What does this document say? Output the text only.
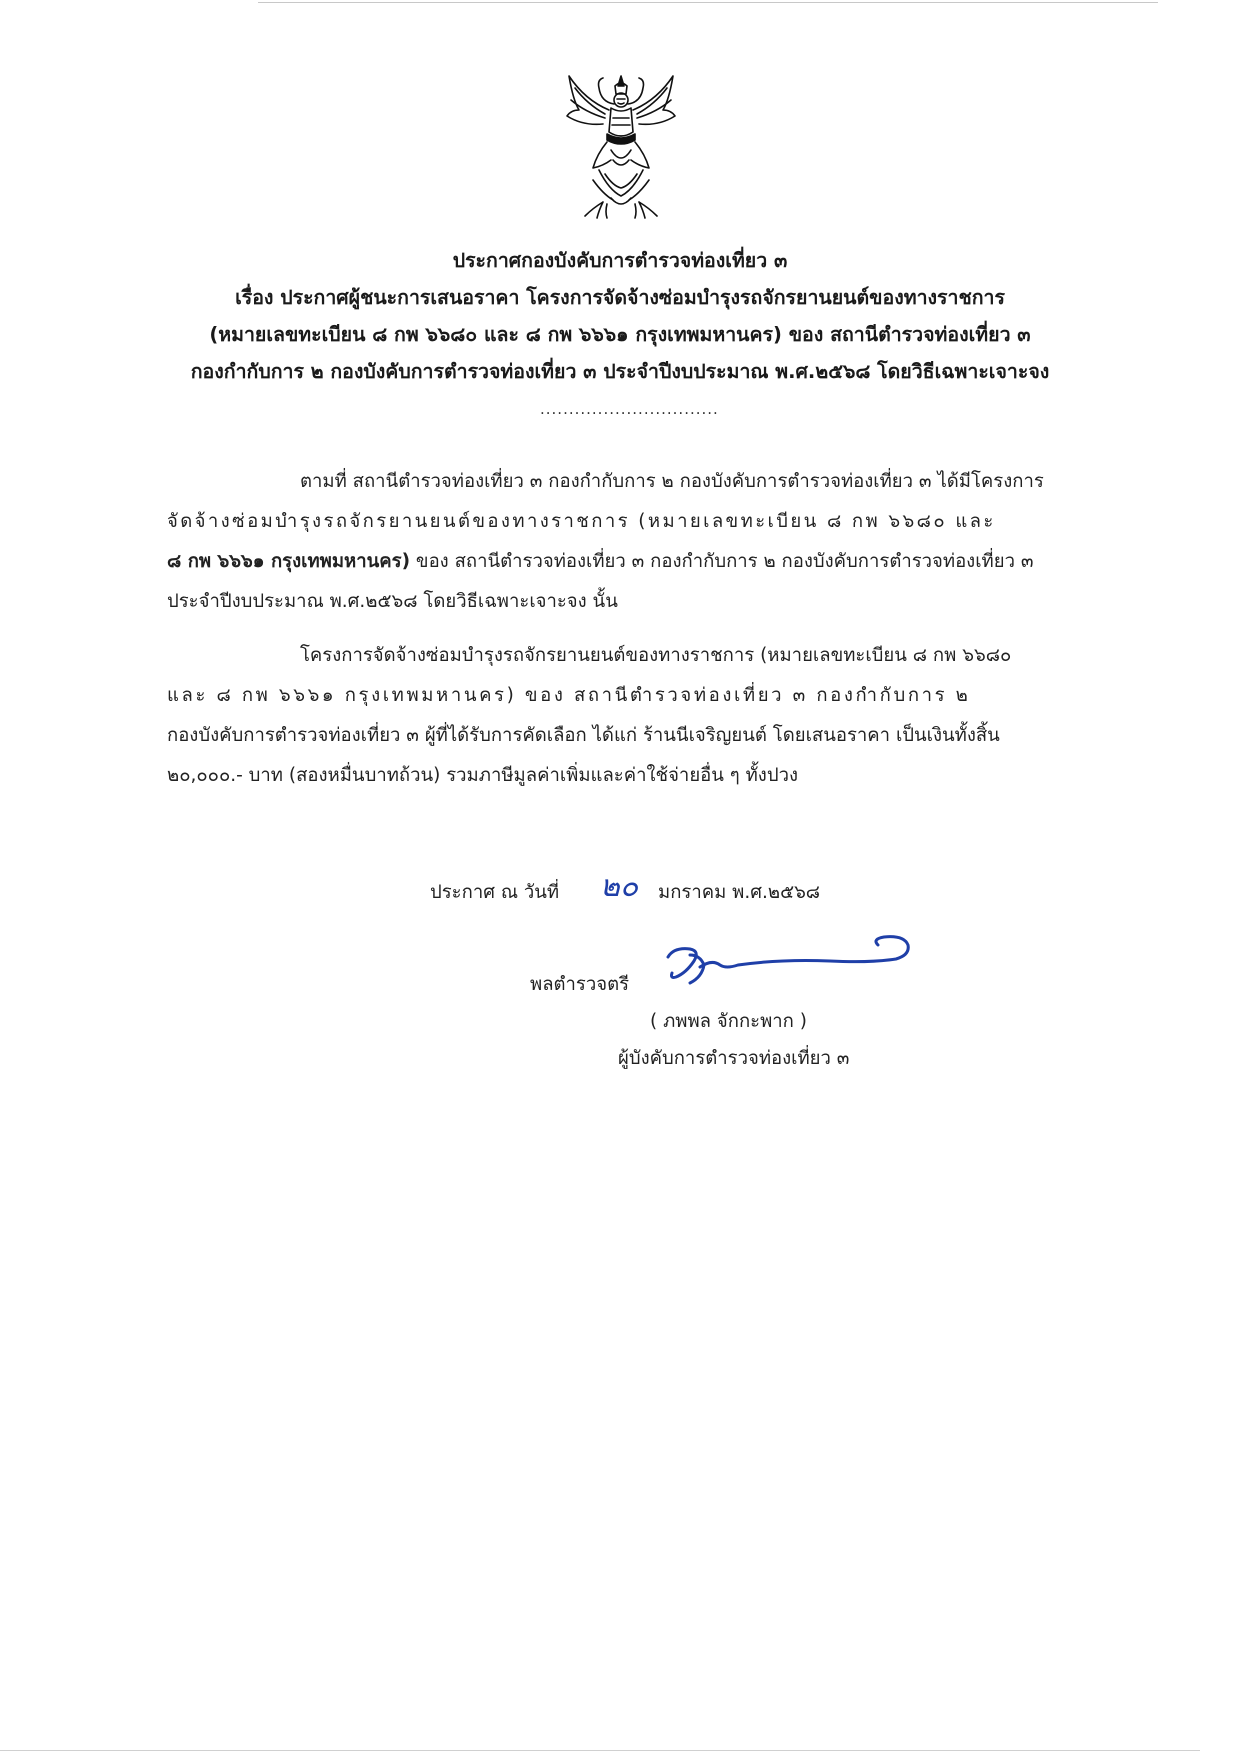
ประกาศกองบังคับการตำรวจท่องเที่ยว ๓
เรื่อง ประกาศผู้ชนะการเสนอราคา โครงการจัดจ้างซ่อมบำรุงรถจักรยานยนต์ของทางราชการ
(หมายเลขทะเบียน ๘ กพ ๖๖๘๐ และ ๘ กพ ๖๖๖๑ กรุงเทพมหานคร) ของ สถานีตำรวจท่องเที่ยว ๓
กองกำกับการ ๒ กองบังคับการตำรวจท่องเที่ยว ๓ ประจำปีงบประมาณ พ.ศ.๒๕๖๘ โดยวิธีเฉพาะเจาะจง
...............................
ตามที่ สถานีตำรวจท่องเที่ยว ๓ กองกำกับการ ๒ กองบังคับการตำรวจท่องเที่ยว ๓ ได้มีโครงการ
จัดจ้างซ่อมบำรุงรถจักรยานยนต์ของทางราชการ (หมายเลขทะเบียน ๘ กพ ๖๖๘๐ และ
๘ กพ ๖๖๖๑ กรุงเทพมหานคร) ของ สถานีตำรวจท่องเที่ยว ๓ กองกำกับการ ๒ กองบังคับการตำรวจท่องเที่ยว ๓
ประจำปีงบประมาณ พ.ศ.๒๕๖๘ โดยวิธีเฉพาะเจาะจง นั้น
โครงการจัดจ้างซ่อมบำรุงรถจักรยานยนต์ของทางราชการ (หมายเลขทะเบียน ๘ กพ ๖๖๘๐
และ ๘ กพ ๖๖๖๑ กรุงเทพมหานคร) ของ สถานีตำรวจท่องเที่ยว ๓ กองกำกับการ ๒
กองบังคับการตำรวจท่องเที่ยว ๓ ผู้ที่ได้รับการคัดเลือก ได้แก่ ร้านนีเจริญยนต์ โดยเสนอราคา เป็นเงินทั้งสิ้น
๒๐,๐๐๐.- บาท (สองหมื่นบาทถ้วน) รวมภาษีมูลค่าเพิ่มและค่าใช้จ่ายอื่น ๆ ทั้งปวง
ประกาศ ณ วันที่ ๒๐ มกราคม พ.ศ.๒๕๖๘
พลตำรวจตรี
( ภพพล จักกะพาก )
ผู้บังคับการตำรวจท่องเที่ยว ๓
